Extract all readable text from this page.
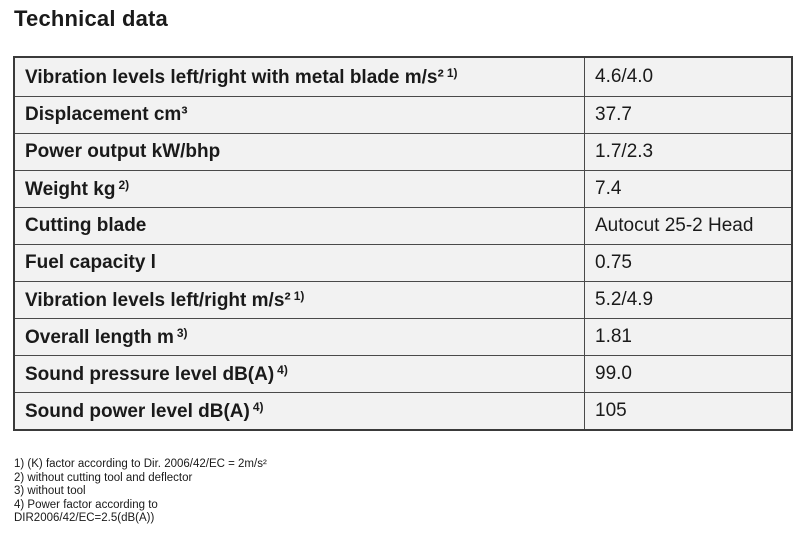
Technical data
Vibration levels left/right with metal blade m/s² $^{1)}$	4.6/4.0
Displacement cm³	37.7
Power output kW/bhp	1.7/2.3
Weight kg $^{2)}$	7.4
Cutting blade	Autocut 25-2 Head
Fuel capacity l	0.75
Vibration levels left/right m/s² $^{1)}$	5.2/4.9
Overall length m $^{3)}$	1.81
Sound pressure level dB(A) $^{4)}$	99.0
Sound power level dB(A) $^{4)}$	105
1) (K) factor according to Dir. 2006/42/EC = 2m/s²
2) without cutting tool and deflector
3) without tool
4) Power factor according to
DIR2006/42/EC=2.5(dB(A))
